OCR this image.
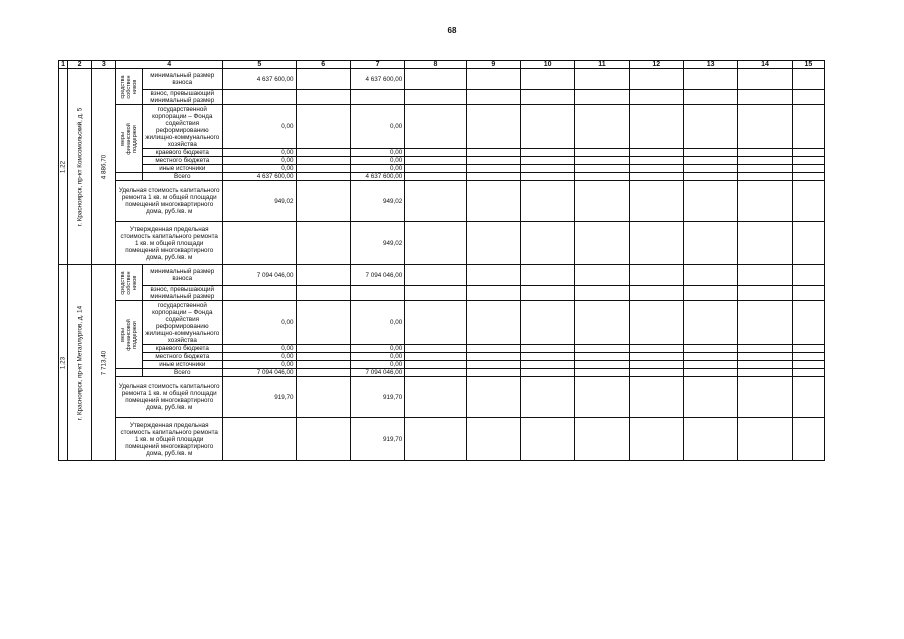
68
1	2	3	4		5	6	7	8	9	10	11	12	13	14	15

1.22	г. Красноярск, пр-кт Комсомольский, д. 5	4 886,70	средства собствен ников	минимальный размер взноса	4 637 600,00		4 637 600,00								
				взнос, превышающий минимальный размер											

			меры финансовой поддержки	государственной корпорации – Фонда содействия реформированию жилищно-коммунального хозяйства	0,00		0,00								
				краевого бюджета	0,00		0,00								
				местного бюджета	0,00		0,00								
				иные источники	0,00		0,00								
				Всего	4 637 600,00		4 637 600,00								
			Удельная стоимость капитального ремонта 1 кв. м общей площади помещений многоквартирного дома, руб./кв. м		949,02		949,02								
			Утвержденная предельная стоимость капитального ремонта 1 кв. м общей площади помещений многоквартирного дома, руб./кв. м				949,02								

1.23	г. Красноярск, пр-кт Металлургов, д. 14	7 713,40	средства собствен ников	минимальный размер взноса	7 094 046,00		7 094 046,00								
				взнос, превышающий минимальный размер											

			меры финансовой поддержки	государственной корпорации – Фонда содействия реформированию жилищно-коммунального хозяйства	0,00		0,00								
				краевого бюджета	0,00		0,00								
				местного бюджета	0,00		0,00								
				иные источники	0,00		0,00								
				Всего	7 094 046,00		7 094 046,00								
			Удельная стоимость капитального ремонта 1 кв. м общей площади помещений многоквартирного дома, руб./кв. м		919,70		919,70								
			Утвержденная предельная стоимость капитального ремонта 1 кв. м общей площади помещений многоквартирного дома, руб./кв. м				919,70								
